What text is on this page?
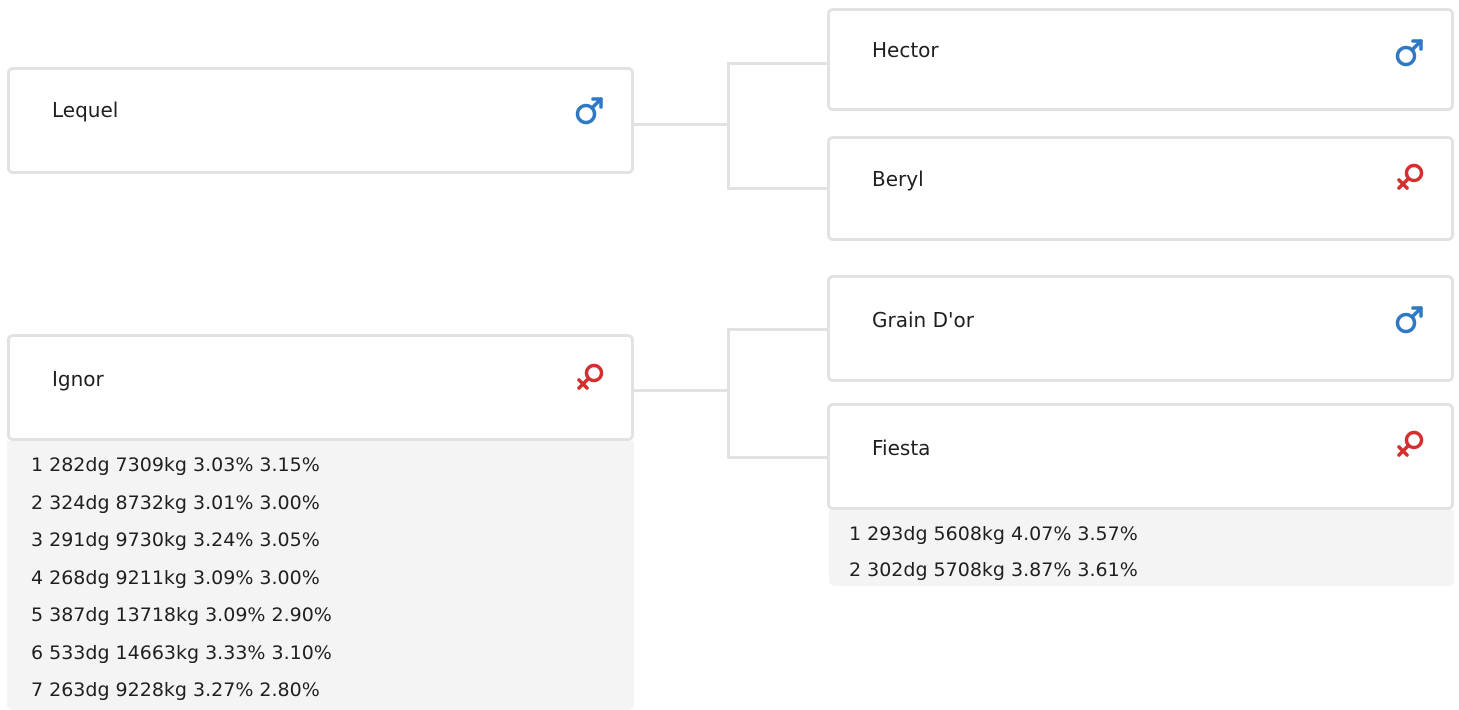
Lequel
Hector
Beryl
Ignor
1 282dg 7309kg 3.03% 3.15%
2 324dg 8732kg 3.01% 3.00%
3 291dg 9730kg 3.24% 3.05%
4 268dg 9211kg 3.09% 3.00%
5 387dg 13718kg 3.09% 2.90%
6 533dg 14663kg 3.33% 3.10%
7 263dg 9228kg 3.27% 2.80%
Grain D'or
Fiesta
1 293dg 5608kg 4.07% 3.57%
2 302dg 5708kg 3.87% 3.61%
